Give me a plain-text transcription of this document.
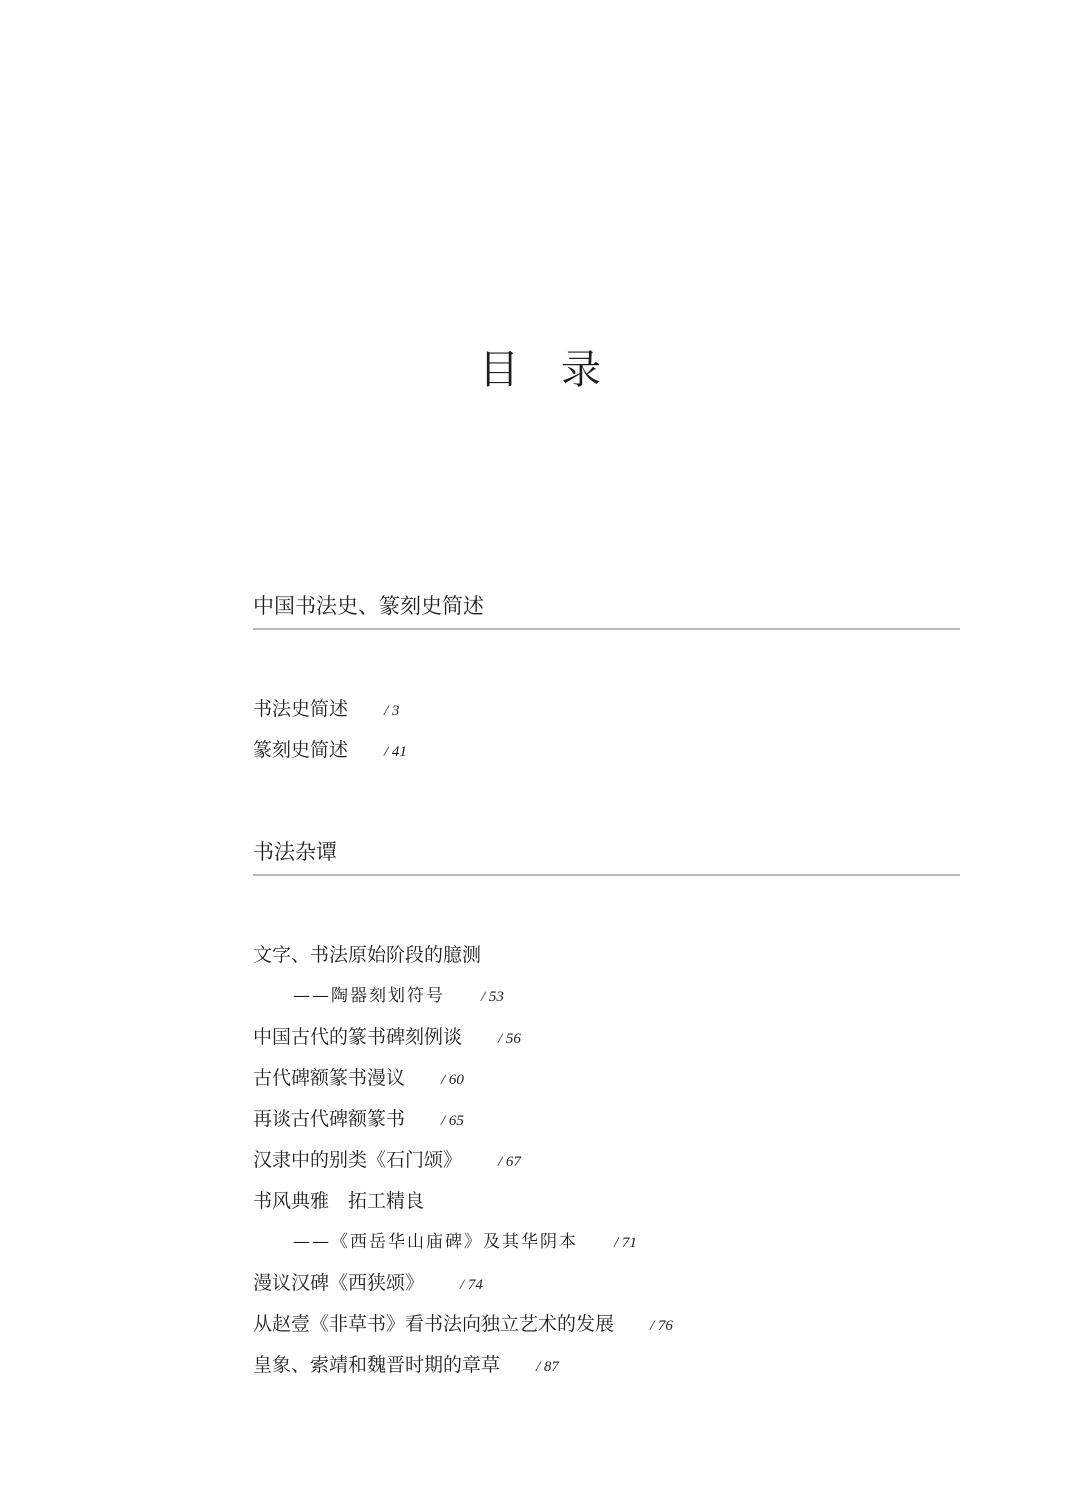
目录
中国书法史、篆刻史简述
书法史简述 / 3
篆刻史简述 / 41
书法杂谭
文字、书法原始阶段的臆测
——陶器刻划符号 / 53
中国古代的篆书碑刻例谈 / 56
古代碑额篆书漫议 / 60
再谈古代碑额篆书 / 65
汉隶中的别类《石门颂》 / 67
书风典雅　拓工精良
——《西岳华山庙碑》及其华阴本 / 71
漫议汉碑《西狭颂》 / 74
从赵壹《非草书》看书法向独立艺术的发展 / 76
皇象、索靖和魏晋时期的章草 / 87
